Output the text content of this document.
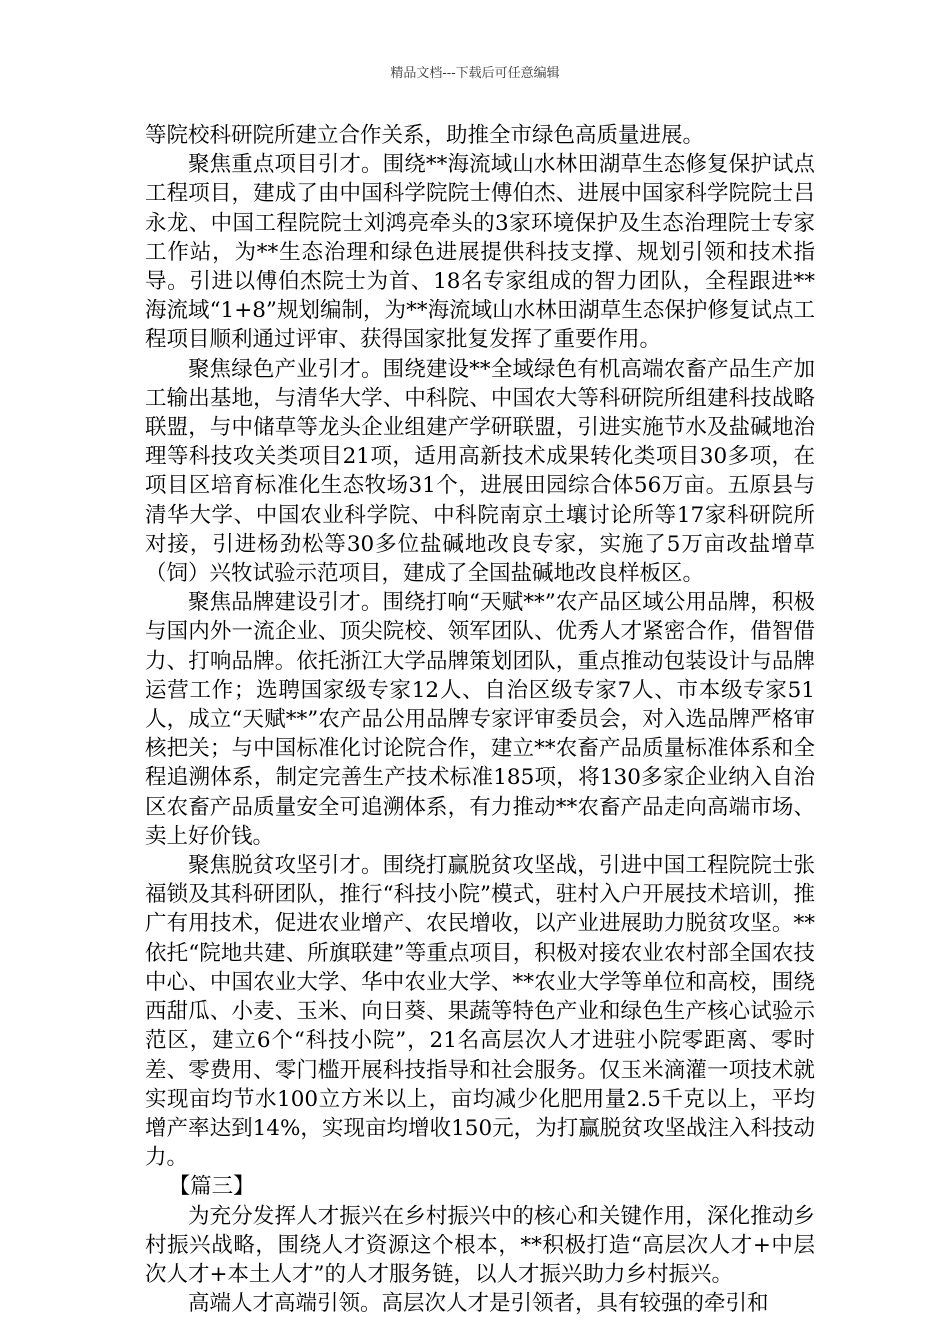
精品文档---下载后可任意编辑

等院校科研院所建立合作关系，助推全市绿色高质量进展。

聚焦重点项目引才。围绕**海流域山水林田湖草生态修复保护试点工程项目，建成了由中国科学院院士傅伯杰、进展中国家科学院院士吕永龙、中国工程院院士刘鸿亮牵头的3家环境保护及生态治理院士专家工作站，为**生态治理和绿色进展提供科技支撑、规划引领和技术指导。引进以傅伯杰院士为首、18名专家组成的智力团队，全程跟进**海流域“1+8”规划编制，为**海流域山水林田湖草生态保护修复试点工程项目顺利通过评审、获得国家批复发挥了重要作用。

聚焦绿色产业引才。围绕建设**全域绿色有机高端农畜产品生产加工输出基地，与清华大学、中科院、中国农大等科研院所组建科技战略联盟，与中储草等龙头企业组建产学研联盟，引进实施节水及盐碱地治理等科技攻关类项目21项，适用高新技术成果转化类项目30多项，在项目区培育标准化生态牧场31个，进展田园综合体56万亩。五原县与清华大学、中国农业科学院、中科院南京土壤讨论所等17家科研院所对接，引进杨劲松等30多位盐碱地改良专家，实施了5万亩改盐增草（饲）兴牧试验示范项目，建成了全国盐碱地改良样板区。

聚焦品牌建设引才。围绕打响“天赋**”农产品区域公用品牌，积极与国内外一流企业、顶尖院校、领军团队、优秀人才紧密合作，借智借力、打响品牌。依托浙江大学品牌策划团队，重点推动包装设计与品牌运营工作；选聘国家级专家12人、自治区级专家7人、市本级专家51人，成立“天赋**”农产品公用品牌专家评审委员会，对入选品牌严格审核把关；与中国标准化讨论院合作，建立**农畜产品质量标准体系和全程追溯体系，制定完善生产技术标准185项，将130多家企业纳入自治区农畜产品质量安全可追溯体系，有力推动**农畜产品走向高端市场、卖上好价钱。

聚焦脱贫攻坚引才。围绕打赢脱贫攻坚战，引进中国工程院院士张福锁及其科研团队，推行“科技小院”模式，驻村入户开展技术培训，推广有用技术，促进农业增产、农民增收，以产业进展助力脱贫攻坚。**依托“院地共建、所旗联建”等重点项目，积极对接农业农村部全国农技中心、中国农业大学、华中农业大学、**农业大学等单位和高校，围绕西甜瓜、小麦、玉米、向日葵、果蔬等特色产业和绿色生产核心试验示范区，建立6个“科技小院”，21名高层次人才进驻小院零距离、零时差、零费用、零门槛开展科技指导和社会服务。仅玉米滴灌一项技术就实现亩均节水100立方米以上，亩均减少化肥用量2.5千克以上，平均增产率达到14%，实现亩均增收150元，为打赢脱贫攻坚战注入科技动力。

【篇三】

为充分发挥人才振兴在乡村振兴中的核心和关键作用，深化推动乡村振兴战略，围绕人才资源这个根本，**积极打造“高层次人才+中层次人才+本土人才”的人才服务链，以人才振兴助力乡村振兴。

高端人才高端引领。高层次人才是引领者，具有较强的牵引和
